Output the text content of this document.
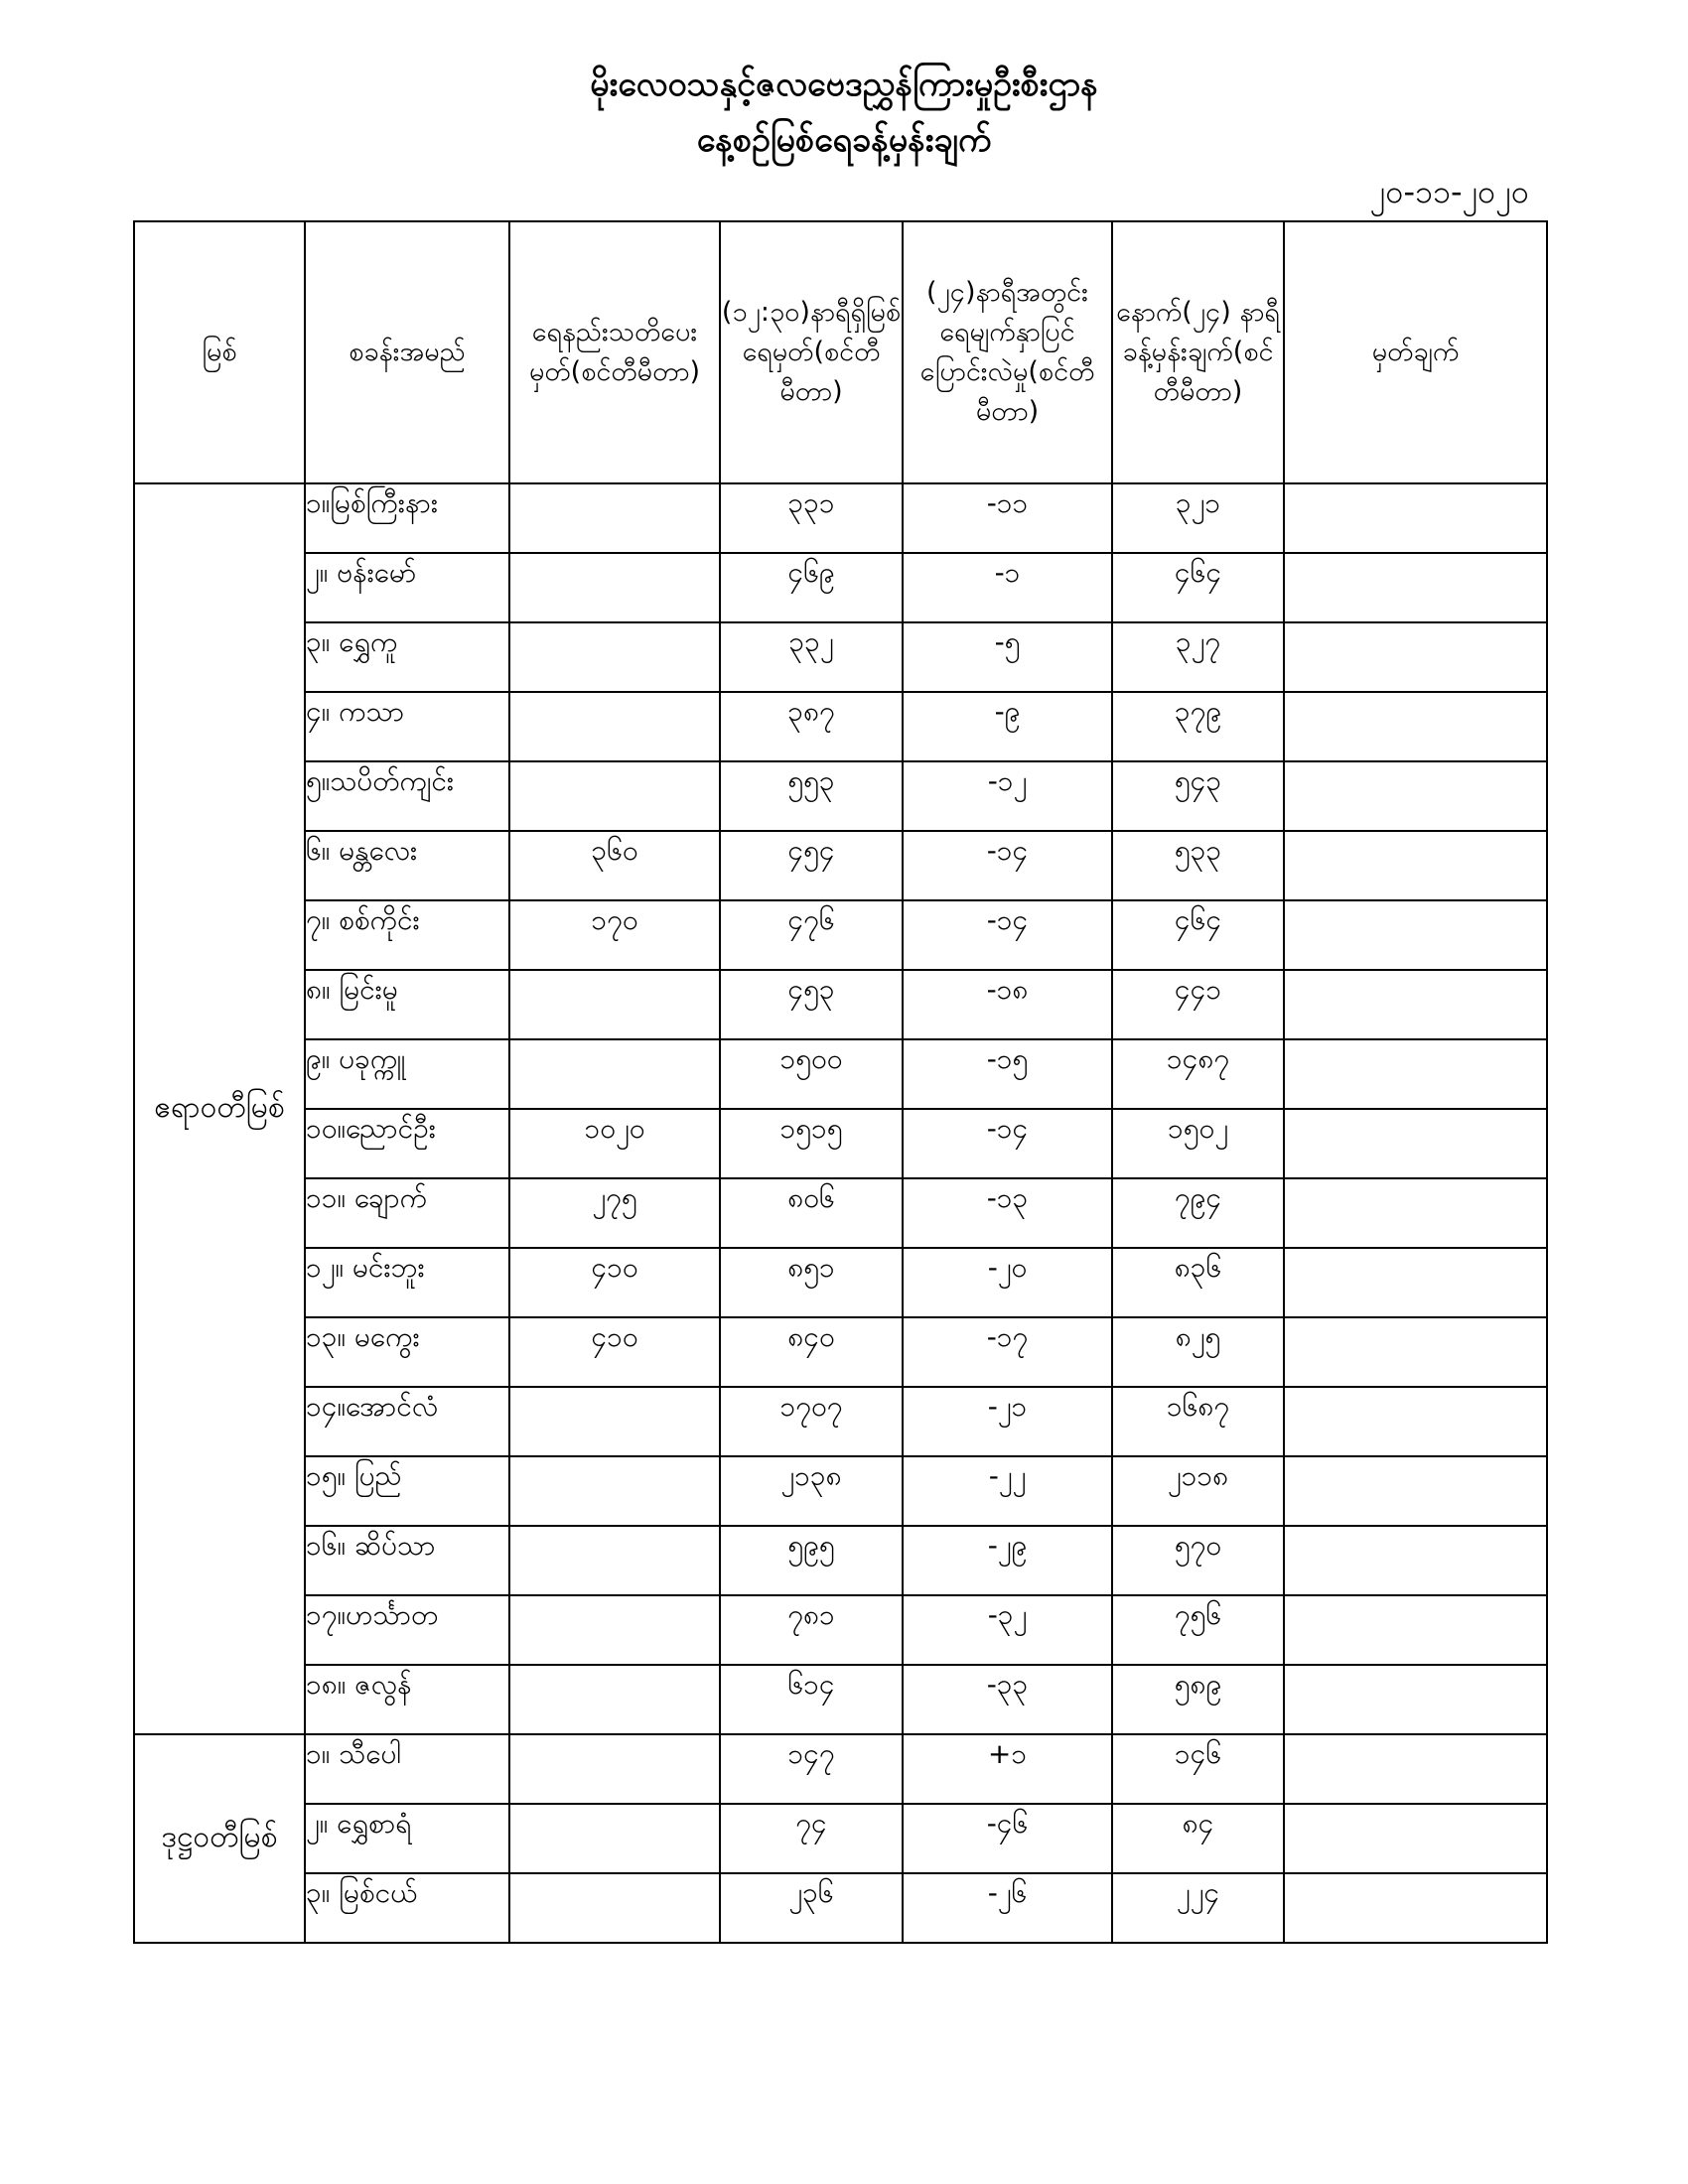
မိုးလေဝသနှင့်ဇလဗေဒညွှန်ကြားမှုဦးစီးဌာန
နေ့စဉ်မြစ်ရေခန့်မှန်းချက်
၂၀-၁၁-၂၀၂၀
မြစ်	စခန်းအမည်	ရေနည်းသတိပေးမှတ်(စင်တီမီတာ)	(၁၂:၃၀)နာရီရှိမြစ်ရေမှတ်(စင်တီမီတာ)	(၂၄)နာရီအတွင်းရေမျက်နှာပြင်ပြောင်းလဲမှု(စင်တီမီတာ)	နောက်(၂၄) နာရီခန့်မှန်းချက်(စင်တီမီတာ)	မှတ်ချက်
ဧရာဝတီမြစ်	၁။မြစ်ကြီးနား		၃၃၁	-၁၁	၃၂၁	
	၂။ ဗန်းမော်		၄၆၉	-၁	၄၆၄	
	၃။ ရွှေကူ		၃၃၂	-၅	၃၂၇	
	၄။ ကသာ		၃၈၇	-၉	၃၇၉	
	၅။သပိတ်ကျင်း		၅၅၃	-၁၂	၅၄၃	
	၆။ မန္တလေး	၃၆၀	၄၅၄	-၁၄	၅၃၃	
	၇။ စစ်ကိုင်း	၁၇၀	၄၇၆	-၁၄	၄၆၄	
	၈။ မြင်းမူ		၄၅၃	-၁၈	၄၄၁	
	၉။ ပခုက္ကူ		၁၅၀၀	-၁၅	၁၄၈၇	
	၁၀။ညောင်ဦး	၁၀၂၀	၁၅၁၅	-၁၄	၁၅၀၂	
	၁၁။ ချောက်	၂၇၅	၈၀၆	-၁၃	၇၉၄	
	၁၂။ မင်းဘူး	၄၁၀	၈၅၁	-၂၀	၈၃၆	
	၁၃။ မကွေး	၄၁၀	၈၄၀	-၁၇	၈၂၅	
	၁၄။အောင်လံ		၁၇၀၇	-၂၁	၁၆၈၇	
	၁၅။ ပြည်		၂၁၃၈	-၂၂	၂၁၁၈	
	၁၆။ ဆိပ်သာ		၅၉၅	-၂၉	၅၇၀	
	၁၇။ဟင်္သာတ		၇၈၁	-၃၂	၇၅၆	
	၁၈။ ဇလွန်		၆၁၄	-၃၃	၅၈၉	
ဒုဋ္ဌဝတီမြစ်	၁။ သီပေါ		၁၄၇	+၁	၁၄၆	
	၂။ ရွှေစာရံ		၇၄	-၄၆	၈၄	
	၃။ မြစ်ငယ်		၂၃၆	-၂၆	၂၂၄	
